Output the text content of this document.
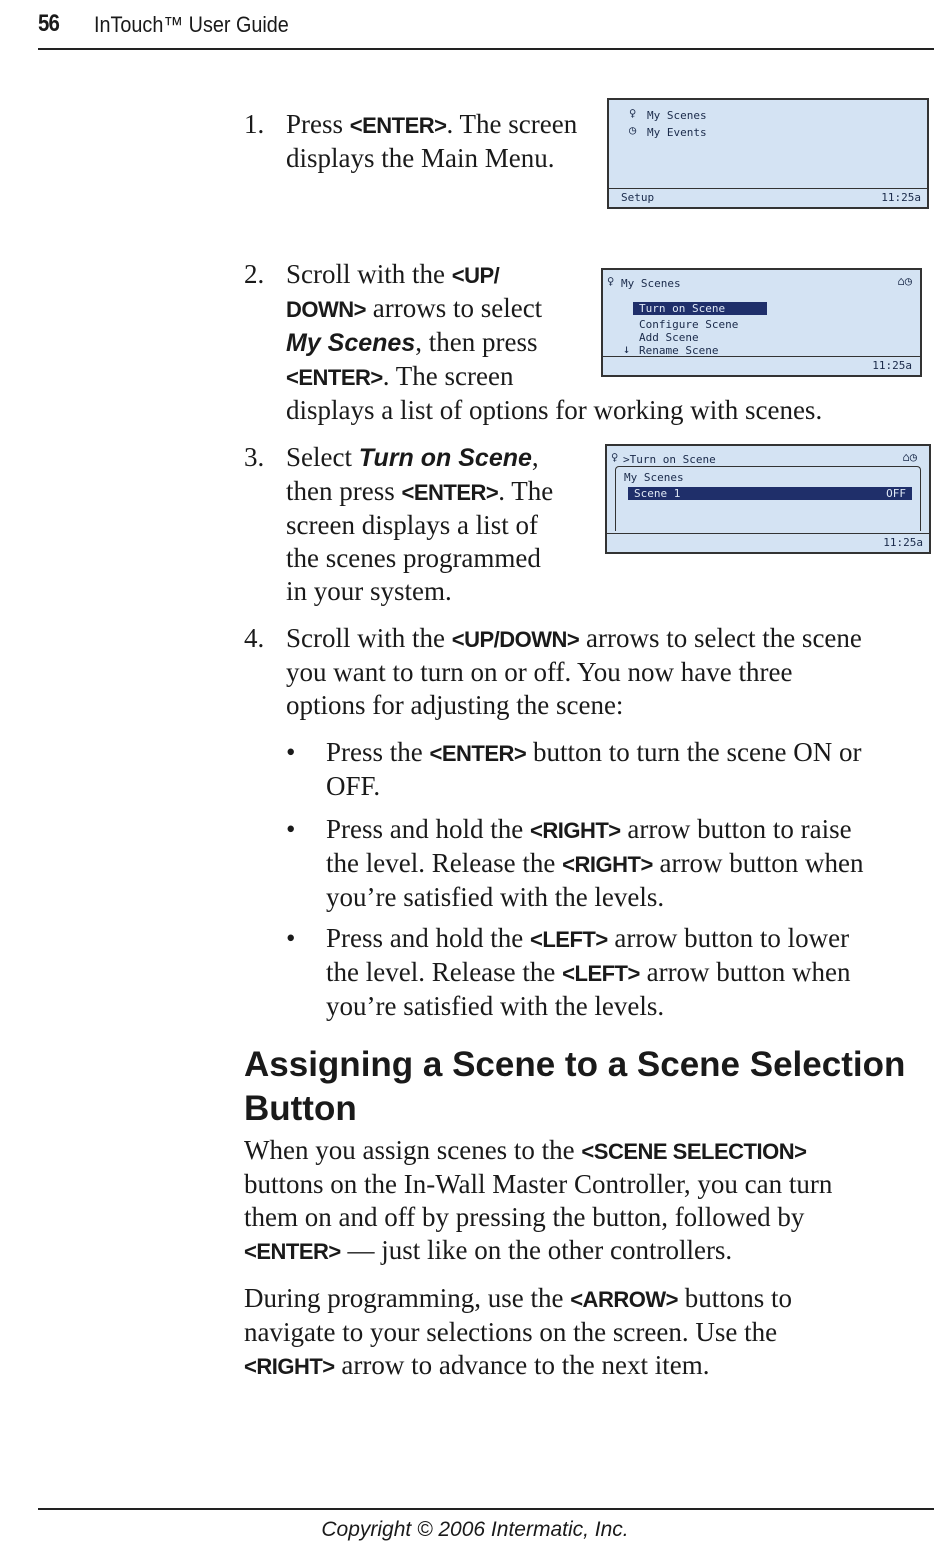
56 InTouch™ User Guide
1. Press <ENTER>. The screen
displays the Main Menu.
♀ My Scenes
◷ My Events
Setup	11:25a
2. Scroll with the <UP/
DOWN> arrows to select
My Scenes, then press
<ENTER>. The screen
displays a list of options for working with scenes.
♀ My Scenes	⌂◷
Turn on Scene
Configure Scene
Add Scene
↓ Rename Scene
11:25a
3. Select Turn on Scene,
then press <ENTER>. The
screen displays a list of
the scenes programmed
in your system.
♀ >Turn on Scene	⌂◷
My Scenes
Scene 1	OFF
11:25a
4. Scroll with the <UP/DOWN> arrows to select the scene
you want to turn on or off. You now have three
options for adjusting the scene:
• Press the <ENTER> button to turn the scene ON or
OFF.
• Press and hold the <RIGHT> arrow button to raise
the level. Release the <RIGHT> arrow button when
you’re satisfied with the levels.
• Press and hold the <LEFT> arrow button to lower
the level. Release the <LEFT> arrow button when
you’re satisfied with the levels.
Assigning a Scene to a Scene Selection Button
When you assign scenes to the <SCENE SELECTION>
buttons on the In-Wall Master Controller, you can turn
them on and off by pressing the button, followed by
<ENTER> — just like on the other controllers.
During programming, use the <ARROW> buttons to
navigate to your selections on the screen. Use the
<RIGHT> arrow to advance to the next item.
Copyright © 2006 Intermatic, Inc.
